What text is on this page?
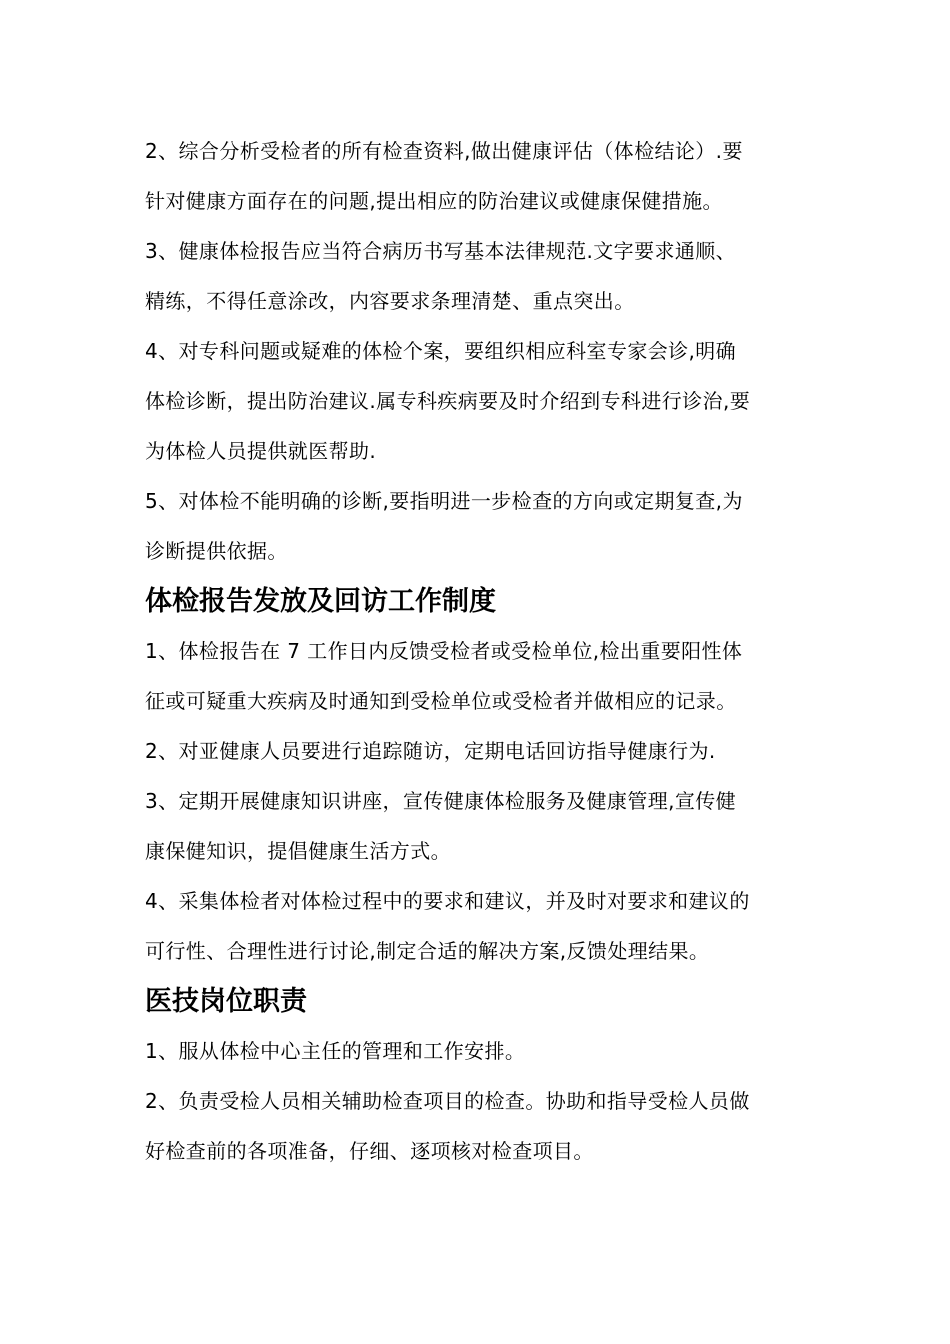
2、综合分析受检者的所有检查资料,做出健康评估（体检结论）.要
针对健康方面存在的问题,提出相应的防治建议或健康保健措施。

3、健康体检报告应当符合病历书写基本法律规范.文字要求通顺、
精练，不得任意涂改，内容要求条理清楚、重点突出。

4、对专科问题或疑难的体检个案，要组织相应科室专家会诊,明确
体检诊断，提出防治建议.属专科疾病要及时介绍到专科进行诊治,要
为体检人员提供就医帮助.

5、对体检不能明确的诊断,要指明进一步检查的方向或定期复查,为
诊断提供依据。

体检报告发放及回访工作制度

1、体检报告在 7 工作日内反馈受检者或受检单位,检出重要阳性体
征或可疑重大疾病及时通知到受检单位或受检者并做相应的记录。

2、对亚健康人员要进行追踪随访，定期电话回访指导健康行为.

3、定期开展健康知识讲座，宣传健康体检服务及健康管理,宣传健
康保健知识，提倡健康生活方式。

4、采集体检者对体检过程中的要求和建议，并及时对要求和建议的
可行性、合理性进行讨论,制定合适的解决方案,反馈处理结果。

医技岗位职责

1、服从体检中心主任的管理和工作安排。

2、负责受检人员相关辅助检查项目的检查。协助和指导受检人员做
好检查前的各项准备，仔细、逐项核对检查项目。
